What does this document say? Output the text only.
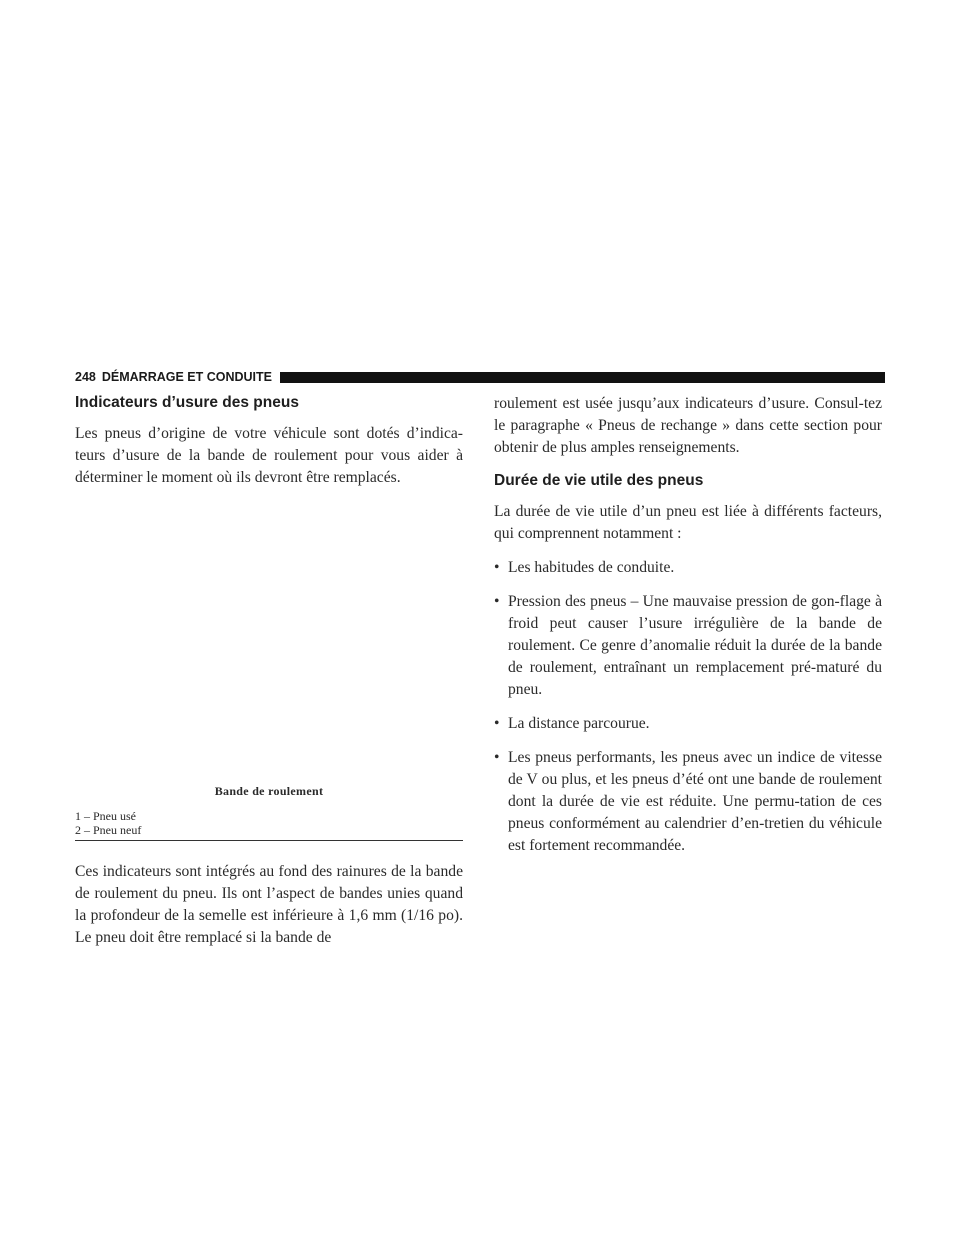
248 DÉMARRAGE ET CONDUITE
Indicateurs d’usure des pneus

Les pneus d’origine de votre véhicule sont dotés d’indica-teurs d’usure de la bande de roulement pour vous aider à déterminer le moment où ils devront être remplacés.

Bande de roulement

1 – Pneu usé

2 – Pneu neuf

Ces indicateurs sont intégrés au fond des rainures de la bande de roulement du pneu. Ils ont l’aspect de bandes unies quand la profondeur de la semelle est inférieure à 1,6 mm (1/16 po). Le pneu doit être remplacé si la bande de

roulement est usée jusqu’aux indicateurs d’usure. Consul-tez le paragraphe « Pneus de rechange » dans cette section pour obtenir de plus amples renseignements.

Durée de vie utile des pneus

La durée de vie utile d’un pneu est liée à différents facteurs, qui comprennent notamment :

• Les habitudes de conduite.
• Pression des pneus – Une mauvaise pression de gon-flage à froid peut causer l’usure irrégulière de la bande de roulement. Ce genre d’anomalie réduit la durée de la bande de roulement, entraînant un remplacement pré-maturé du pneu.
• La distance parcourue.
• Les pneus performants, les pneus avec un indice de vitesse de V ou plus, et les pneus d’été ont une bande de roulement dont la durée de vie est réduite. Une permu-tation de ces pneus conformément au calendrier d’en-tretien du véhicule est fortement recommandée.
